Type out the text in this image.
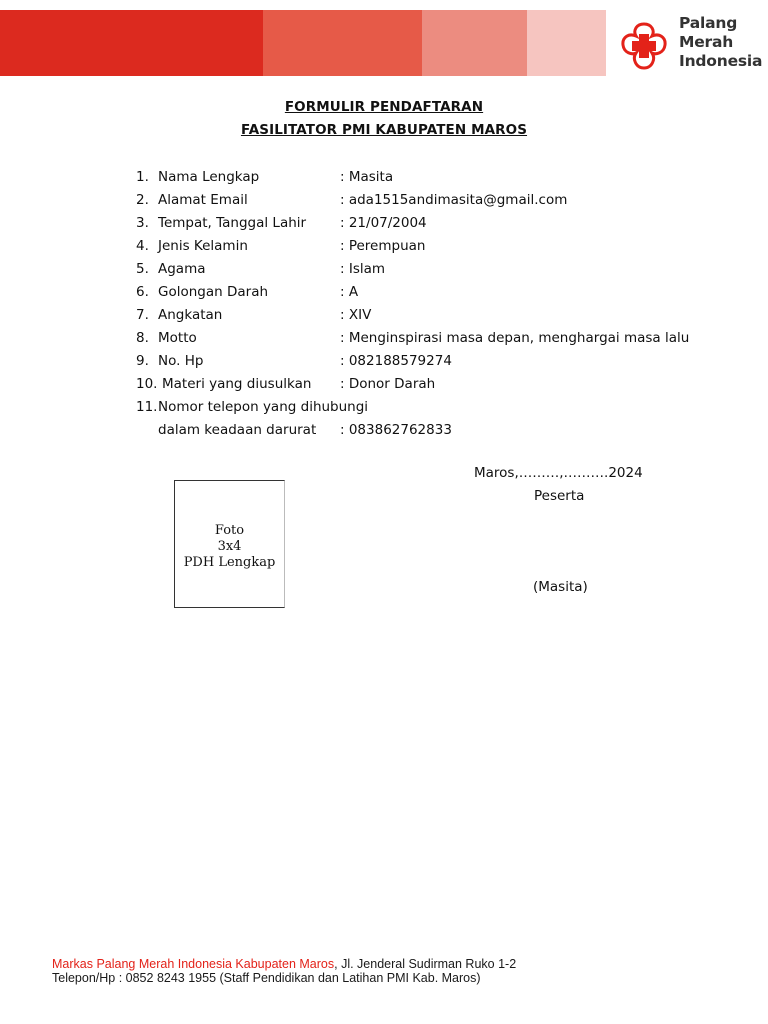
Palang
Merah
Indonesia
FORMULIR PENDAFTARAN
FASILITATOR PMI KABUPATEN MAROS
1. Nama Lengkap	: Masita
2. Alamat Email	: ada1515andimasita@gmail.com
3. Tempat, Tanggal Lahir	: 21/07/2004
4. Jenis Kelamin	: Perempuan
5. Agama	: Islam
6. Golongan Darah	: A
7. Angkatan	: XIV
8. Motto	: Menginspirasi masa depan, menghargai masa lalu
9. No. Hp	: 082188579274
10. Materi yang diusulkan : Donor Darah
11. Nomor telepon yang dihubungi
dalam keadaan darurat : 083862762833
Maros,………,……….2024
Peserta
(Masita)
Foto
3x4
PDH Lengkap
Markas Palang Merah Indonesia Kabupaten Maros, Jl. Jenderal Sudirman Ruko 1-2
Telepon/Hp : 0852 8243 1955 (Staff Pendidikan dan Latihan PMI Kab. Maros)
